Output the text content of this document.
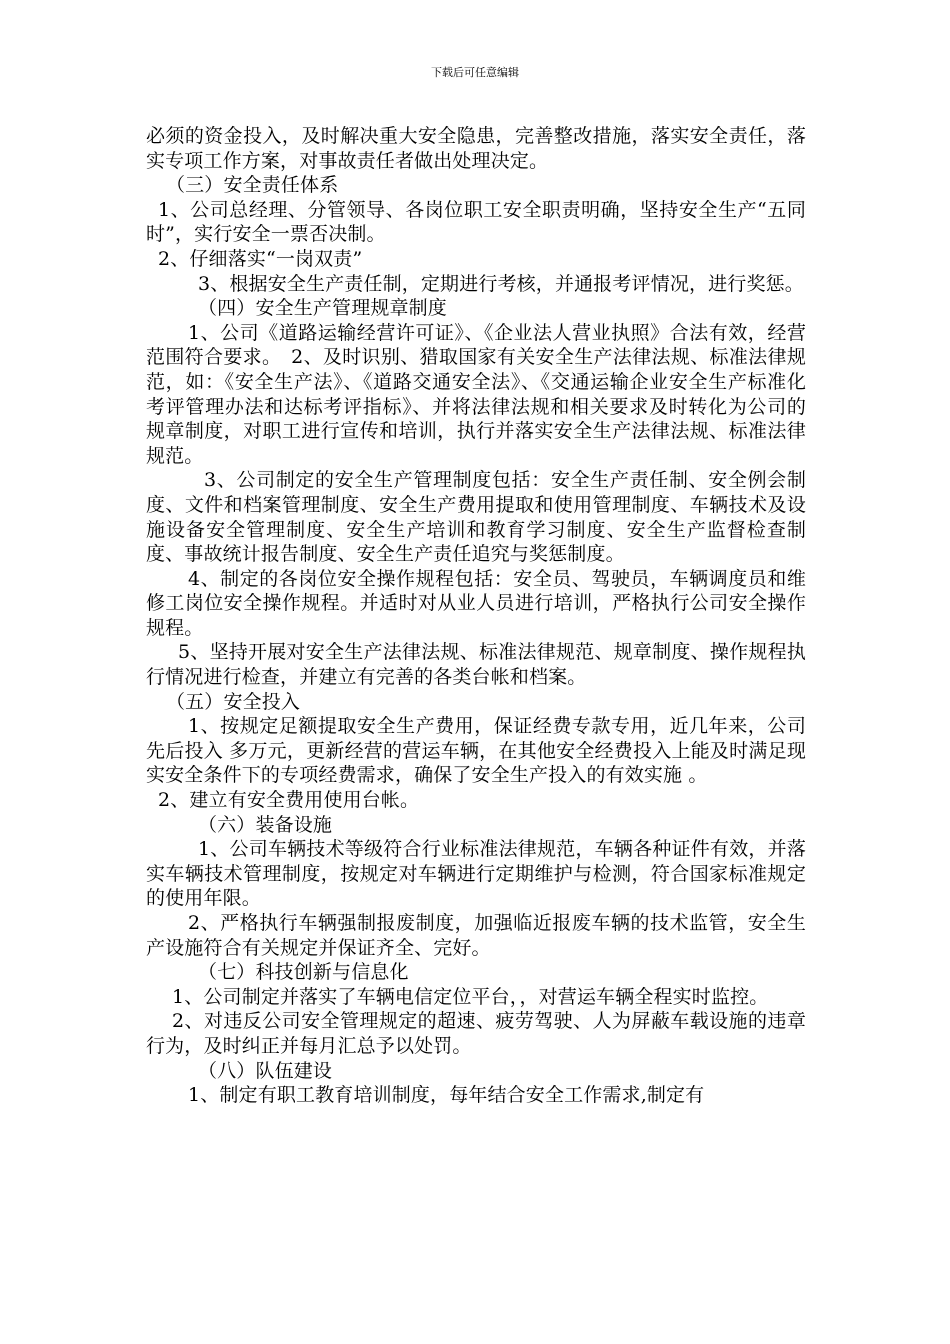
下载后可任意编辑

必须的资金投入，及时解决重大安全隐患，完善整改措施，落实安全责任，落实专项工作方案，对事故责任者做出处理决定。

（三）安全责任体系

1、公司总经理、分管领导、各岗位职工安全职责明确，坚持安全生产“五同时”，实行安全一票否决制。

2、仔细落实“一岗双责”

3、根据安全生产责任制，定期进行考核，并通报考评情况，进行奖惩。

（四）安全生产管理规章制度

1、公司《道路运输经营许可证》、《企业法人营业执照》合法有效，经营范围符合要求。　2、及时识别、猎取国家有关安全生产法律法规、标准法律规范，如：《安全生产法》、《道路交通安全法》、《交通运输企业安全生产标准化考评管理办法和达标考评指标》、并将法律法规和相关要求及时转化为公司的规章制度，对职工进行宣传和培训，执行并落实安全生产法律法规、标准法律规范。

3、公司制定的安全生产管理制度包括：安全生产责任制、安全例会制度、文件和档案管理制度、安全生产费用提取和使用管理制度、车辆技术及设施设备安全管理制度、安全生产培训和教育学习制度、安全生产监督检查制度、事故统计报告制度、安全生产责任追究与奖惩制度。

4、制定的各岗位安全操作规程包括：安全员、驾驶员，车辆调度员和维修工岗位安全操作规程。并适时对从业人员进行培训，严格执行公司安全操作规程。

5、坚持开展对安全生产法律法规、标准法律规范、规章制度、操作规程执行情况进行检查，并建立有完善的各类台帐和档案。

（五）安全投入

1、按规定足额提取安全生产费用，保证经费专款专用，近几年来，公司先后投入 多万元，更新经营的营运车辆，在其他安全经费投入上能及时满足现实安全条件下的专项经费需求，确保了安全生产投入的有效实施 。

2、建立有安全费用使用台帐。

（六）装备设施

1、公司车辆技术等级符合行业标准法律规范，车辆各种证件有效，并落实车辆技术管理制度，按规定对车辆进行定期维护与检测，符合国家标准规定的使用年限。

2、严格执行车辆强制报废制度，加强临近报废车辆的技术监管，安全生产设施符合有关规定并保证齐全、完好。

（七）科技创新与信息化

1、公司制定并落实了车辆电信定位平台，，对营运车辆全程实时监控。

2、对违反公司安全管理规定的超速、疲劳驾驶、人为屏蔽车载设施的违章行为，及时纠正并每月汇总予以处罚。

（八）队伍建设

1、制定有职工教育培训制度，每年结合安全工作需求,制定有
